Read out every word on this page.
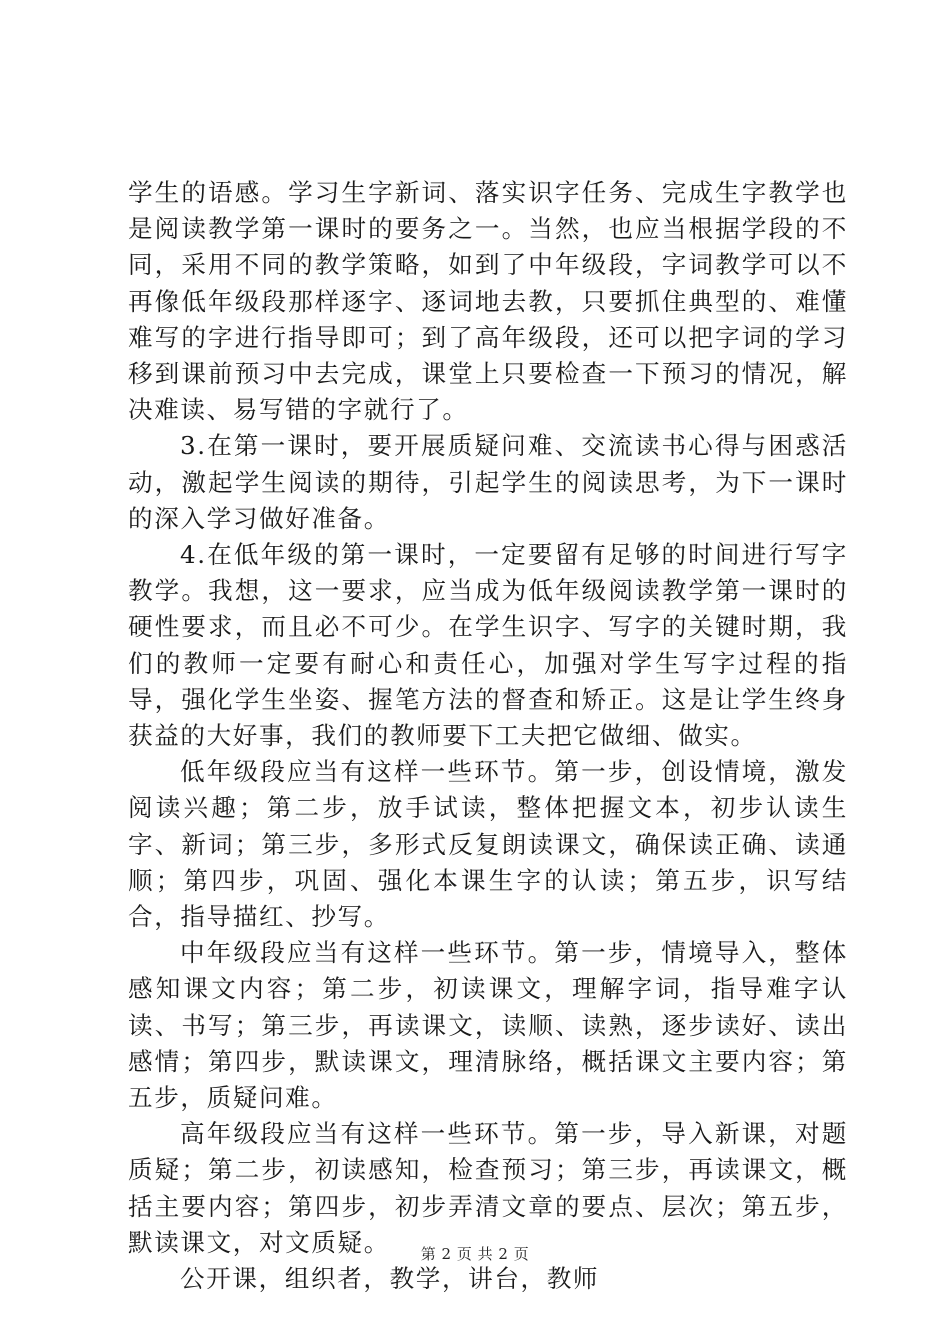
学生的语感。学习生字新词、落实识字任务、完成生字教学也是阅读教学第一课时的要务之一。当然，也应当根据学段的不同，采用不同的教学策略，如到了中年级段，字词教学可以不再像低年级段那样逐字、逐词地去教，只要抓住典型的、难懂难写的字进行指导即可；到了高年级段，还可以把字词的学习移到课前预习中去完成，课堂上只要检查一下预习的情况，解决难读、易写错的字就行了。

3.在第一课时，要开展质疑问难、交流读书心得与困惑活动，激起学生阅读的期待，引起学生的阅读思考，为下一课时的深入学习做好准备。

4.在低年级的第一课时，一定要留有足够的时间进行写字教学。我想，这一要求，应当成为低年级阅读教学第一课时的硬性要求，而且必不可少。在学生识字、写字的关键时期，我们的教师一定要有耐心和责任心，加强对学生写字过程的指导，强化学生坐姿、握笔方法的督查和矫正。这是让学生终身获益的大好事，我们的教师要下工夫把它做细、做实。

低年级段应当有这样一些环节。第一步，创设情境，激发阅读兴趣；第二步，放手试读，整体把握文本，初步认读生字、新词；第三步，多形式反复朗读课文，确保读正确、读通顺；第四步，巩固、强化本课生字的认读；第五步，识写结合，指导描红、抄写。

中年级段应当有这样一些环节。第一步，情境导入，整体感知课文内容；第二步，初读课文，理解字词，指导难字认读、书写；第三步，再读课文，读顺、读熟，逐步读好、读出感情；第四步，默读课文，理清脉络，概括课文主要内容；第五步，质疑问难。

高年级段应当有这样一些环节。第一步，导入新课，对题质疑；第二步，初读感知，检查预习；第三步，再读课文，概括主要内容；第四步，初步弄清文章的要点、层次；第五步，默读课文，对文质疑。

公开课，组织者，教学，讲台，教师

第 2 页 共 2 页
